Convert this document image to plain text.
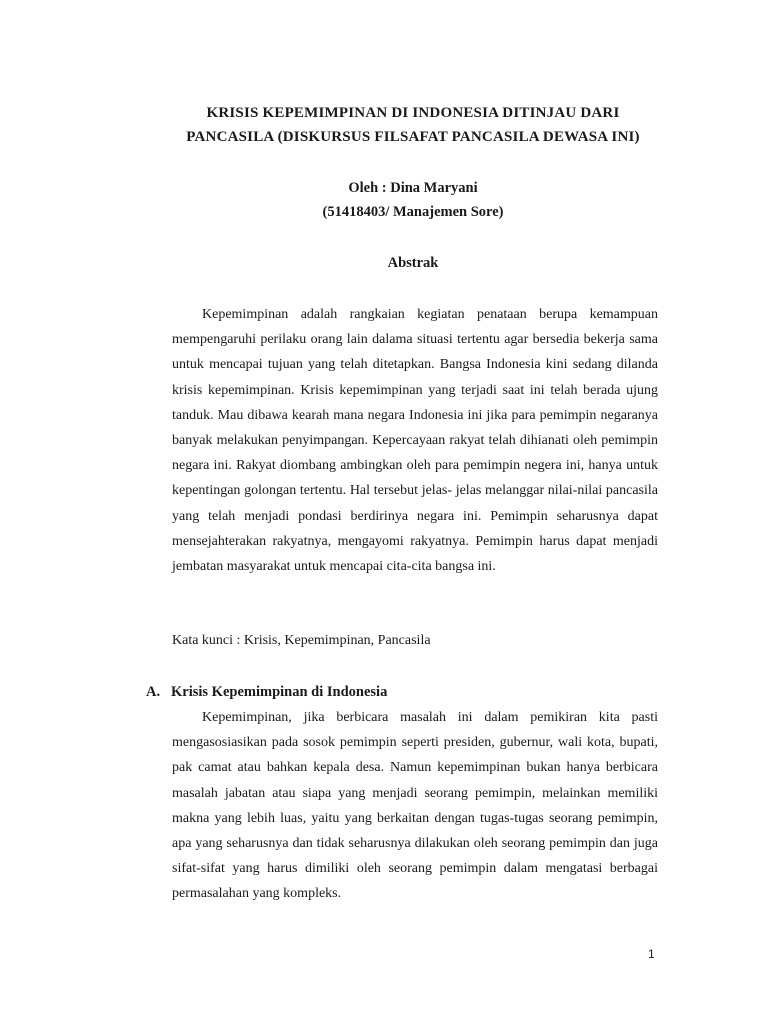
KRISIS KEPEMIMPINAN DI INDONESIA DITINJAU DARI
PANCASILA (DISKURSUS FILSAFAT PANCASILA DEWASA INI)
Oleh : Dina Maryani
(51418403/ Manajemen Sore)
Abstrak

Kepemimpinan adalah rangkaian kegiatan penataan berupa kemampuan mempengaruhi perilaku orang lain dalama situasi tertentu agar bersedia bekerja sama untuk mencapai tujuan yang telah ditetapkan. Bangsa Indonesia kini sedang dilanda krisis kepemimpinan. Krisis kepemimpinan yang terjadi saat ini telah berada ujung tanduk. Mau dibawa kearah mana negara Indonesia ini jika para pemimpin negaranya banyak melakukan penyimpangan. Kepercayaan rakyat telah dihianati oleh pemimpin negara ini. Rakyat diombang ambingkan oleh para pemimpin negera ini, hanya untuk kepentingan golongan tertentu. Hal tersebut jelas- jelas melanggar nilai-nilai pancasila yang telah menjadi pondasi berdirinya negara ini. Pemimpin seharusnya dapat mensejahterakan rakyatnya, mengayomi rakyatnya. Pemimpin harus dapat menjadi jembatan masyarakat untuk mencapai cita-cita bangsa ini.

Kata kunci : Krisis, Kepemimpinan, Pancasila
A. Krisis Kepemimpinan di Indonesia

Kepemimpinan, jika berbicara masalah ini dalam pemikiran kita pasti mengasosiasikan pada sosok pemimpin seperti presiden, gubernur, wali kota, bupati, pak camat atau bahkan kepala desa. Namun kepemimpinan bukan hanya berbicara masalah jabatan atau siapa yang menjadi seorang pemimpin, melainkan memiliki makna yang lebih luas, yaitu yang berkaitan dengan tugas-tugas seorang pemimpin, apa yang seharusnya dan tidak seharusnya dilakukan oleh seorang pemimpin dan juga sifat-sifat yang harus dimiliki oleh seorang pemimpin dalam mengatasi berbagai permasalahan yang kompleks.

1
